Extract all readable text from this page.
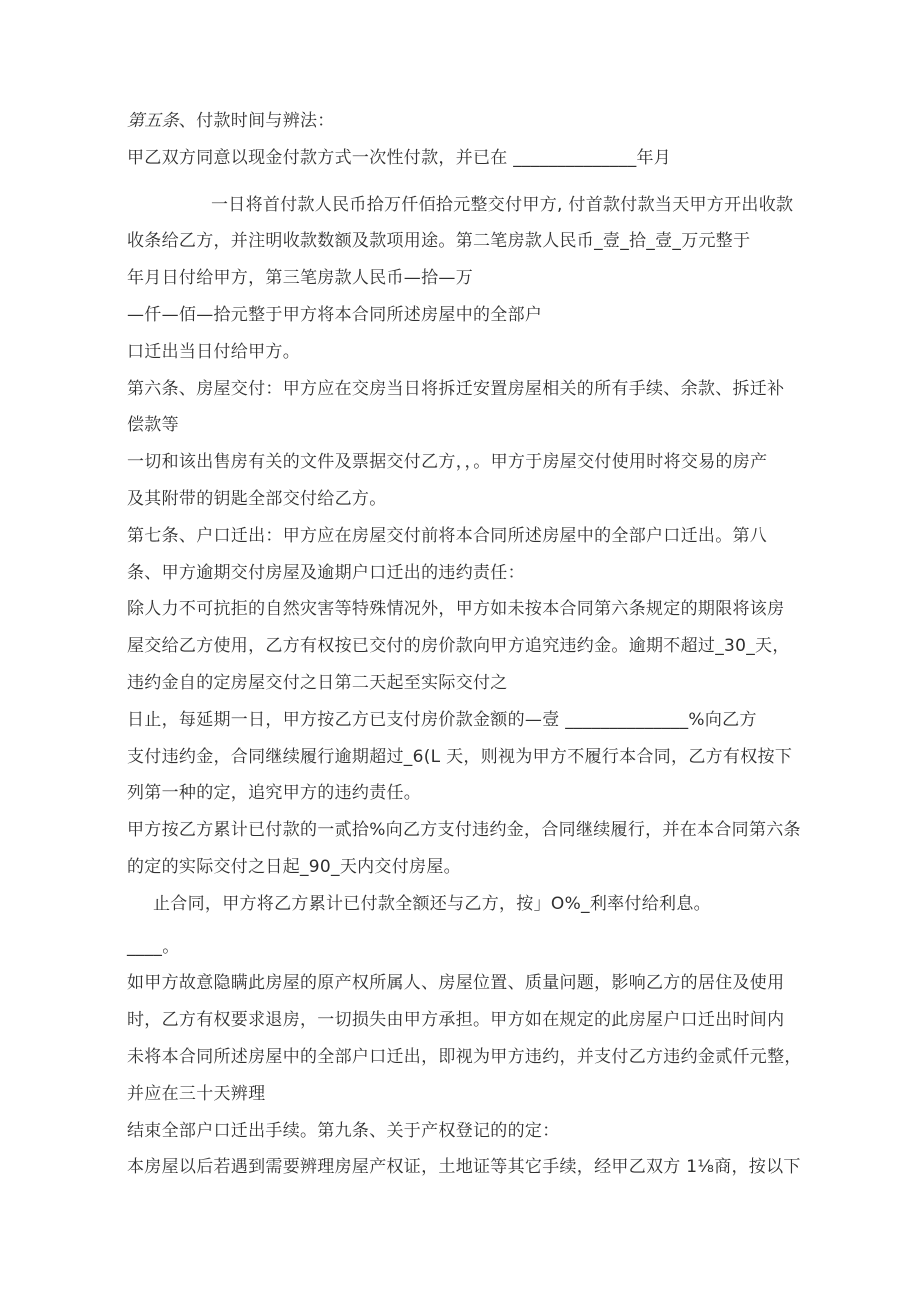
第五条、付款时间与辨法：
甲乙双方同意以现金付款方式一次性付款，并已在 ______________年月
一日将首付款人民币拾万仟佰拾元整交付甲方, 付首款付款当天甲方开出收款
收条给乙方，并注明收款数额及款项用途。第二笔房款人民币_壹_拾_壹_万元整于
年月日付给甲方，第三笔房款人民币—拾—万
—仟—佰—拾元整于甲方将本合同所述房屋中的全部户
口迁出当日付给甲方。
第六条、房屋交付：甲方应在交房当日将拆迁安置房屋相关的所有手续、余款、拆迁补
偿款等
一切和该出售房有关的文件及票据交付乙方，，。甲方于房屋交付使用时将交易的房产
及其附带的钥匙全部交付给乙方。
第七条、户口迁出：甲方应在房屋交付前将本合同所述房屋中的全部户口迁出。第八
条、甲方逾期交付房屋及逾期户口迁出的违约责任：
除人力不可抗拒的自然灾害等特殊情况外，甲方如未按本合同第六条规定的期限将该房
屋交给乙方使用，乙方有权按已交付的房价款向甲方追究违约金。逾期不超过_30_天，
违约金自的定房屋交付之日第二天起至实际交付之
日止，每延期一日，甲方按乙方已支付房价款金额的—壹 ______________%向乙方
支付违约金，合同继续履行逾期超过_6(L 天，则视为甲方不履行本合同，乙方有权按下
列第一种的定，追究甲方的违约责任。
甲方按乙方累计已付款的一贰拾%向乙方支付违约金，合同继续履行，并在本合同第六条
的定的实际交付之日起_90_天内交付房屋。
止合同，甲方将乙方累计已付款全额还与乙方，按」O%_利率付给利息。
____。
如甲方故意隐瞒此房屋的原产权所属人、房屋位置、质量问题，影响乙方的居住及使用
时，乙方有权要求退房，一切损失由甲方承担。甲方如在规定的此房屋户口迁出时间内
未将本合同所述房屋中的全部户口迁出，即视为甲方违约，并支付乙方违约金贰仟元整，
并应在三十天辨理
结束全部户口迁出手续。第九条、关于产权登记的的定：
本房屋以后若遇到需要辨理房屋产权证，土地证等其它手续，经甲乙双方 1⅛商，按以下
